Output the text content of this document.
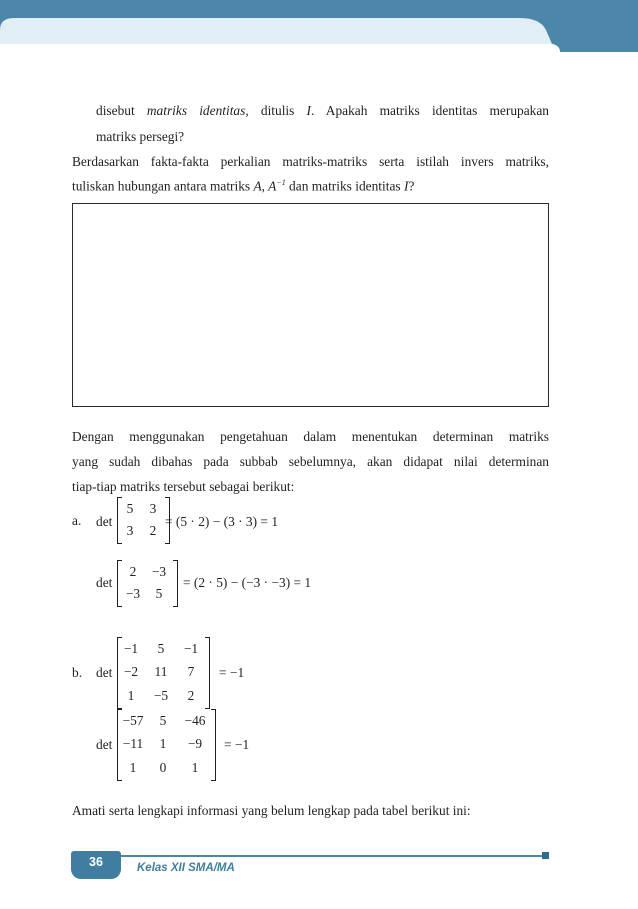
disebut matriks identitas, ditulis I. Apakah matriks identitas merupakan

matriks persegi?

Berdasarkan fakta-fakta perkalian matriks-matriks serta istilah invers matriks,

tuliskan hubungan antara matriks A, $A^{-1}$ dan matriks identitas I?

Dengan menggunakan pengetahuan dalam menentukan determinan matriks

yang sudah dibahas pada subbab sebelumnya, akan didapat nilai determinan

tiap-tiap matriks tersebut sebagai berikut:

a. det
5	3
3	2
= (5 · 2) − (3 · 3) = 1
det
2	−3
−3	5
= (2 · 5) − (−3 · −3) = 1
b. det
−1	5	−1
−2	11	7
1	−5	2
= −1
det
−57	5	−46
−11	1	−9
1	0	1
= −1

Amati serta lengkapi informasi yang belum lengkap pada tabel berikut ini:

36	Kelas XII SMA/MA
